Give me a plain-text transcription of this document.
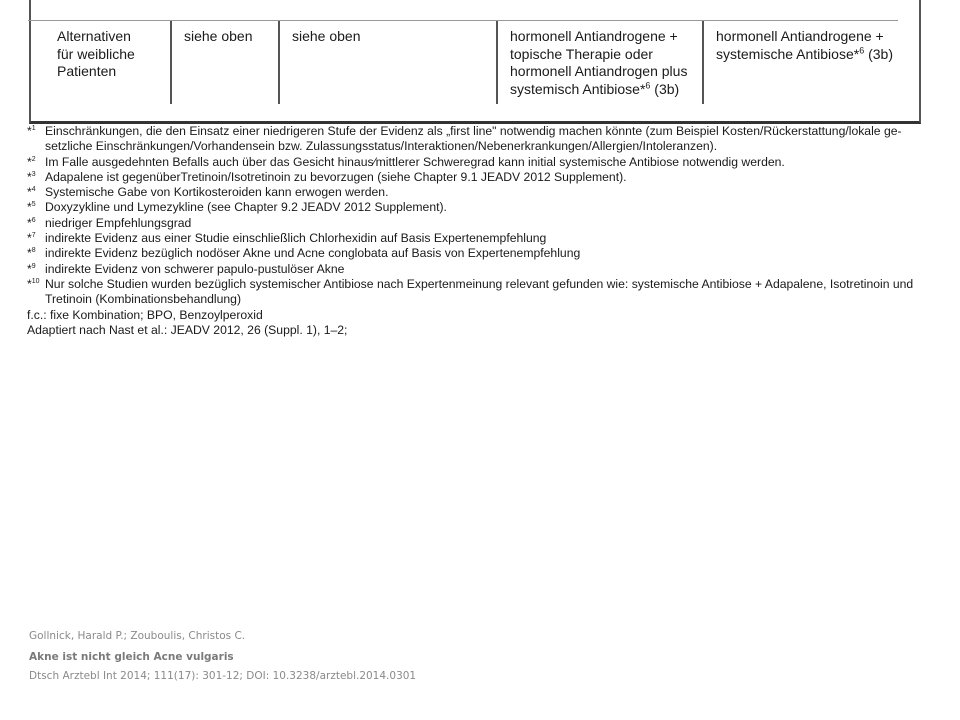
Alternativen
für weibliche
Patienten
siehe oben	siehe oben	hormonell Antiandrogene +
topische Therapie oder
hormonell Antiandrogen plus
systemisch Antibiose*$^6$ (3b)
hormonell Antiandrogene +
systemische Antibiose*$^6$ (3b)
*$^1$ Einschränkungen, die den Einsatz einer niedrigeren Stufe der Evidenz als „first line" notwendig machen könnte (zum Beispiel Kosten/Rückerstattung/lokale ge-
setzliche Einschränkungen/Vorhandensein bzw. Zulassungsstatus/Interaktionen/Nebenerkrankungen/Allergien/Intoleranzen).
*$^2$ Im Falle ausgedehnten Befalls auch über das Gesicht hinaus⁄mittlerer Schweregrad kann initial systemische Antibiose notwendig werden.
*$^3$ Adapalene ist gegenüberTretinoin/Isotretinoin zu bevorzugen (siehe Chapter 9.1 JEADV 2012 Supplement).
*$^4$ Systemische Gabe von Kortikosteroiden kann erwogen werden.
*$^5$ Doxyzykline und Lymezykline (see Chapter 9.2 JEADV 2012 Supplement).
*$^6$ niedriger Empfehlungsgrad
*$^7$ indirekte Evidenz aus einer Studie einschließlich Chlorhexidin auf Basis Expertenempfehlung
*$^8$ indirekte Evidenz bezüglich nodöser Akne und Acne conglobata auf Basis von Expertenempfehlung
*$^9$ indirekte Evidenz von schwerer papulo-pustulöser Akne
*$^{10}$ Nur solche Studien wurden bezüglich systemischer Antibiose nach Expertenmeinung relevant gefunden wie: systemische Antibiose + Adapalene, Isotretinoin und
Tretinoin (Kombinationsbehandlung)
f.c.: fixe Kombination; BPO, Benzoylperoxid
Adaptiert nach Nast et al.: JEADV 2012, 26 (Suppl. 1), 1–2;
Gollnick, Harald P.; Zouboulis, Christos C.
Akne ist nicht gleich Acne vulgaris
Dtsch Arztebl Int 2014; 111(17): 301-12; DOI: 10.3238/arztebl.2014.0301
